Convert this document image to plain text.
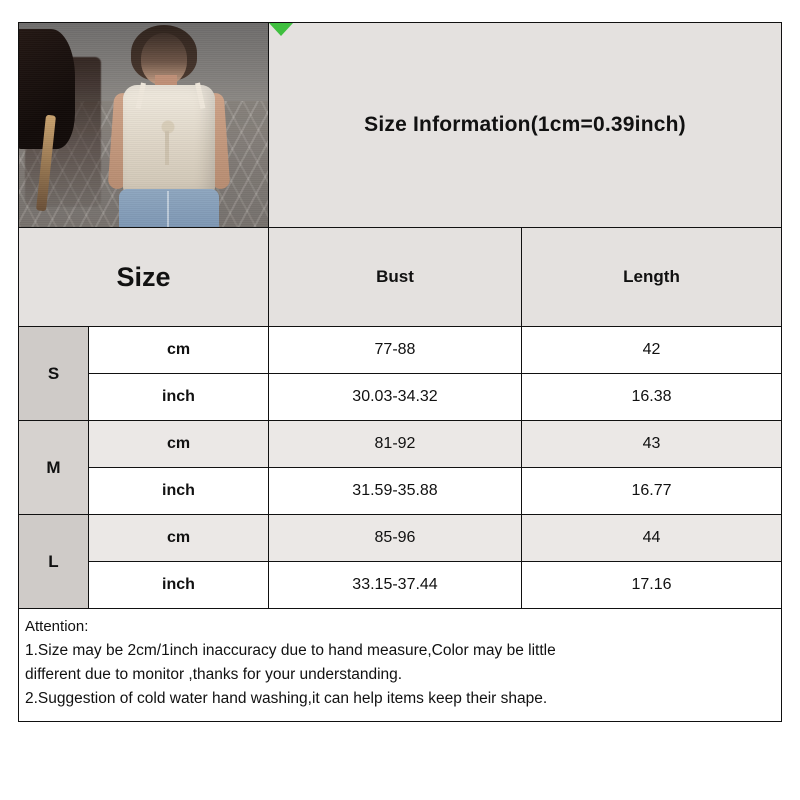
Size Information(1cm=0.39inch)
Size	Bust	Length
S
cm	77-88	42
inch	30.03-34.32	16.38
M
cm	81-92	43
inch	31.59-35.88	16.77
L
cm	85-96	44
inch	33.15-37.44	17.16
Attention:
1.Size may be 2cm/1inch inaccuracy due to hand measure,Color may be little
different due to monitor ,thanks for your understanding.
2.Suggestion of cold water hand washing,it can help items keep their shape.
